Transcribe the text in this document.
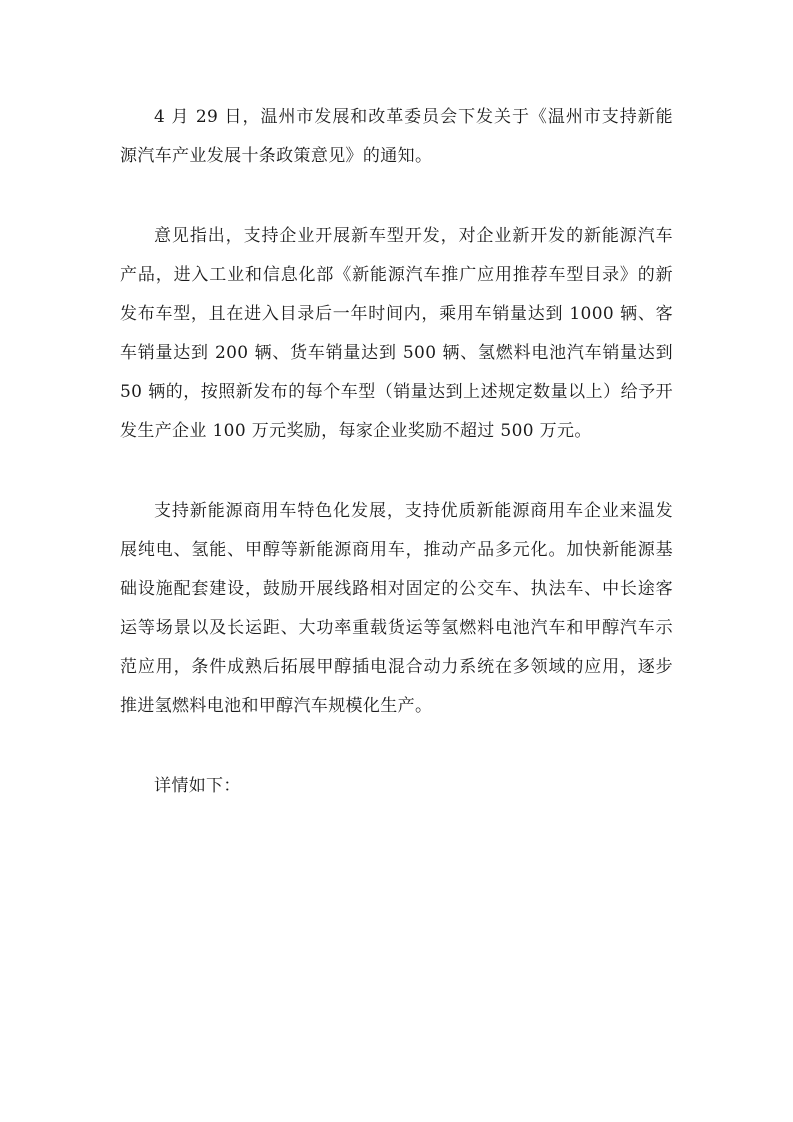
4 月 29 日，温州市发展和改革委员会下发关于《温州市支持新能源汽车产业发展十条政策意见》的通知。

意见指出，支持企业开展新车型开发，对企业新开发的新能源汽车产品，进入工业和信息化部《新能源汽车推广应用推荐车型目录》的新发布车型，且在进入目录后一年时间内，乘用车销量达到 1000 辆、客车销量达到 200 辆、货车销量达到 500 辆、氢燃料电池汽车销量达到 50 辆的，按照新发布的每个车型（销量达到上述规定数量以上）给予开发生产企业 100 万元奖励，每家企业奖励不超过 500 万元。

支持新能源商用车特色化发展，支持优质新能源商用车企业来温发展纯电、氢能、甲醇等新能源商用车，推动产品多元化。加快新能源基础设施配套建设，鼓励开展线路相对固定的公交车、执法车、中长途客运等场景以及长运距、大功率重载货运等氢燃料电池汽车和甲醇汽车示范应用，条件成熟后拓展甲醇插电混合动力系统在多领域的应用，逐步推进氢燃料电池和甲醇汽车规模化生产。

详情如下：
